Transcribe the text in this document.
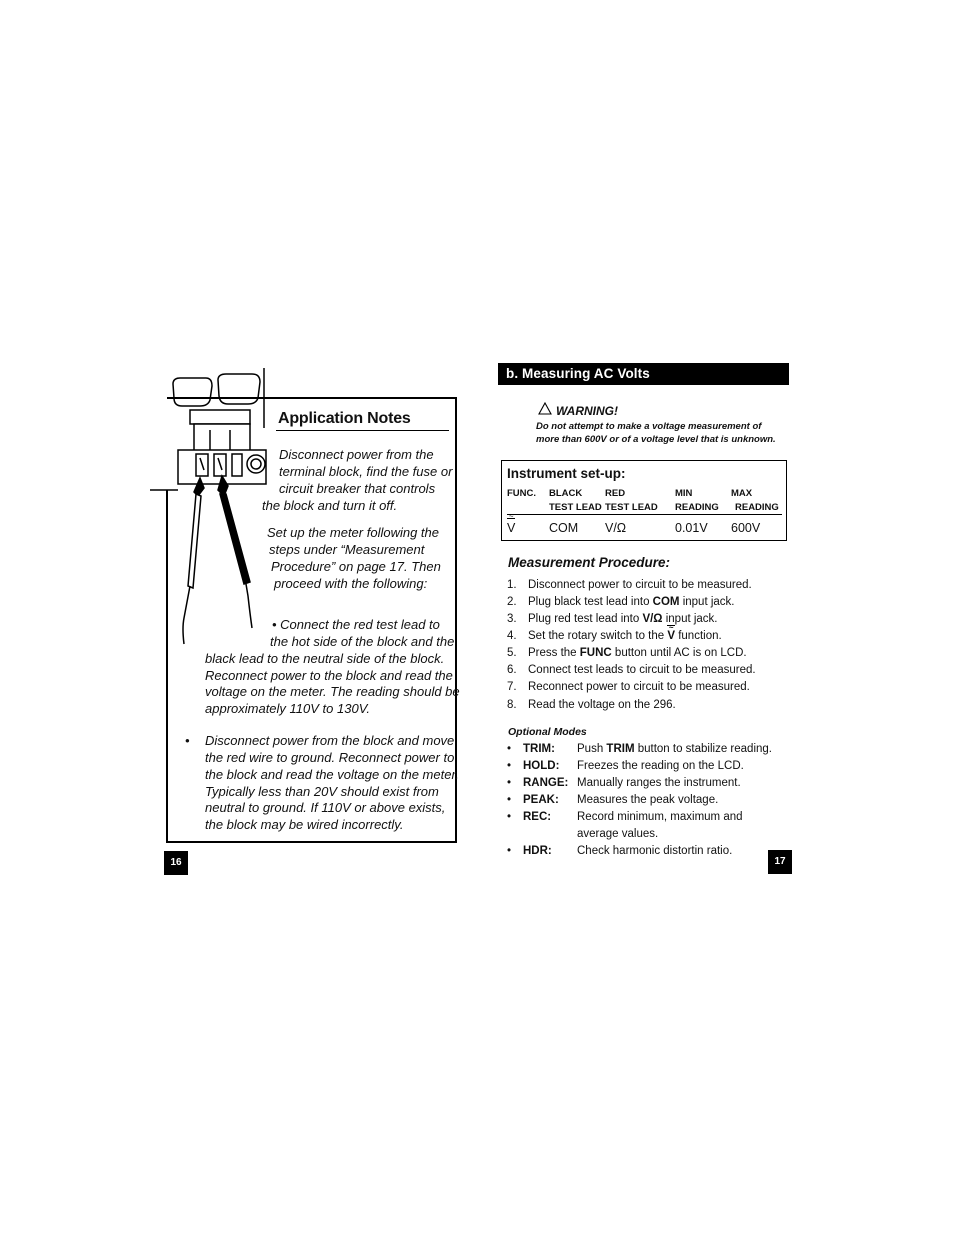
Application Notes
Disconnect power from the
terminal block, find the fuse or
circuit breaker that controls
the block and turn it off.
Set up the meter following the
steps under “Measurement
Procedure” on page 17. Then
proceed with the following:
• Connect the red test lead to
the hot side of the block and the
black lead to the neutral side of the block.
Reconnect power to the block and read the
voltage on the meter. The reading should be
approximately 110V to 130V.
• Disconnect power from the block and move
the red wire to ground. Reconnect power to
the block and read the voltage on the meter.
Typically less than 20V should exist from
neutral to ground. If 110V or above exists,
the block may be wired incorrectly.
16
b. Measuring AC Volts
WARNING!
Do not attempt to make a voltage measurement of
more than 600V or of a voltage level that is unknown.
Instrument set-up:
FUNC. BLACK
TEST LEAD
RED
TEST LEAD
MIN
READING
MAX
READING
V ~	COM V/Ω	0.01V 600V
Measurement Procedure:
1. Disconnect power to circuit to be measured.
2. Plug black test lead into COM input jack.
3. Plug red test lead into V/Ω input jack.
4. Set the rotary switch to the V ~ function.
5. Press the FUNC button until AC is on LCD.
6. Connect test leads to circuit to be measured.
7. Reconnect power to circuit to be measured.
8. Read the voltage on the 296.
Optional Modes
• TRIM: Push TRIM button to stabilize reading.
• HOLD: Freezes the reading on the LCD.
• RANGE: Manually ranges the instrument.
• PEAK: Measures the peak voltage.
• REC: Record minimum, maximum and
average values.
• HDR: Check harmonic distortin ratio.
17
